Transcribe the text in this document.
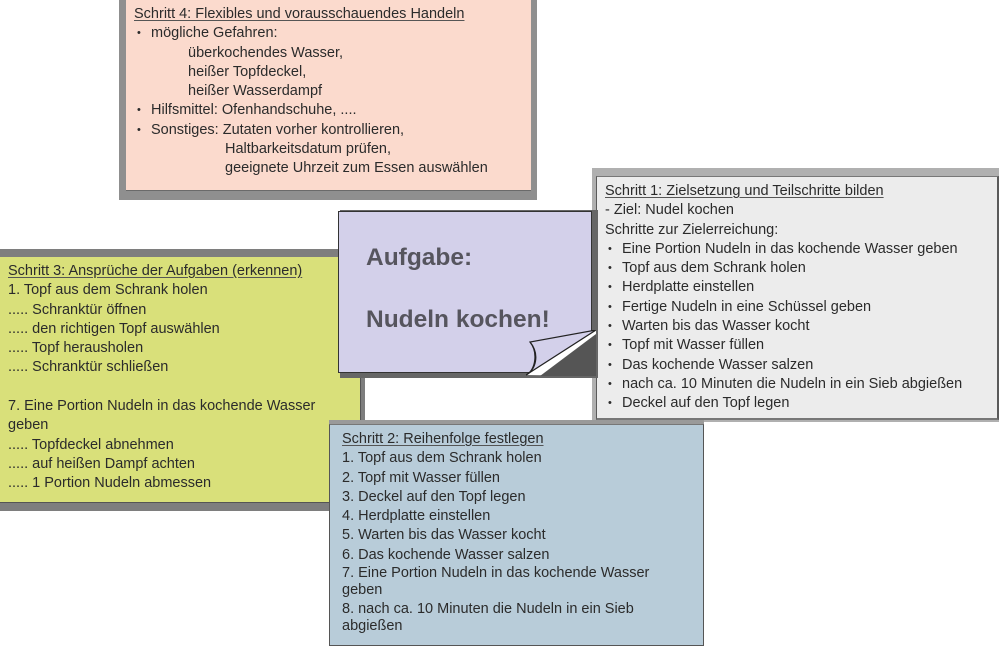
Schritt 4: Flexibles und vorausschauendes Handeln
• mögliche Gefahren:
überkochendes Wasser,
heißer Topfdeckel,
heißer Wasserdampf
• Hilfsmittel: Ofenhandschuhe, ....
• Sonstiges: Zutaten vorher kontrollieren,
Haltbarkeitsdatum prüfen,
geeignete Uhrzeit zum Essen auswählen
Schritt 1: Zielsetzung und Teilschritte bilden
- Ziel: Nudel kochen
Schritte zur Zielerreichung:
• Eine Portion Nudeln in das kochende Wasser geben
• Topf aus dem Schrank holen
• Herdplatte einstellen
• Fertige Nudeln in eine Schüssel geben
• Warten bis das Wasser kocht
• Topf mit Wasser füllen
• Das kochende Wasser salzen
• nach ca. 10 Minuten die Nudeln in ein Sieb abgießen
• Deckel auf den Topf legen
Schritt 3: Ansprüche der Aufgaben (erkennen)
1. Topf aus dem Schrank holen
..... Schranktür öffnen
..... den richtigen Topf auswählen
..... Topf herausholen
..... Schranktür schließen

7. Eine Portion Nudeln in das kochende Wasser geben
..... Topfdeckel abnehmen
..... auf heißen Dampf achten
..... 1 Portion Nudeln abmessen
Aufgabe:
Nudeln kochen!
Schritt 2: Reihenfolge festlegen
1. Topf aus dem Schrank holen
2. Topf mit Wasser füllen
3. Deckel auf den Topf legen
4. Herdplatte einstellen
5. Warten bis das Wasser kocht
6. Das kochende Wasser salzen
7. Eine Portion Nudeln in das kochende Wasser geben
8. nach ca. 10 Minuten die Nudeln in ein Sieb abgießen
